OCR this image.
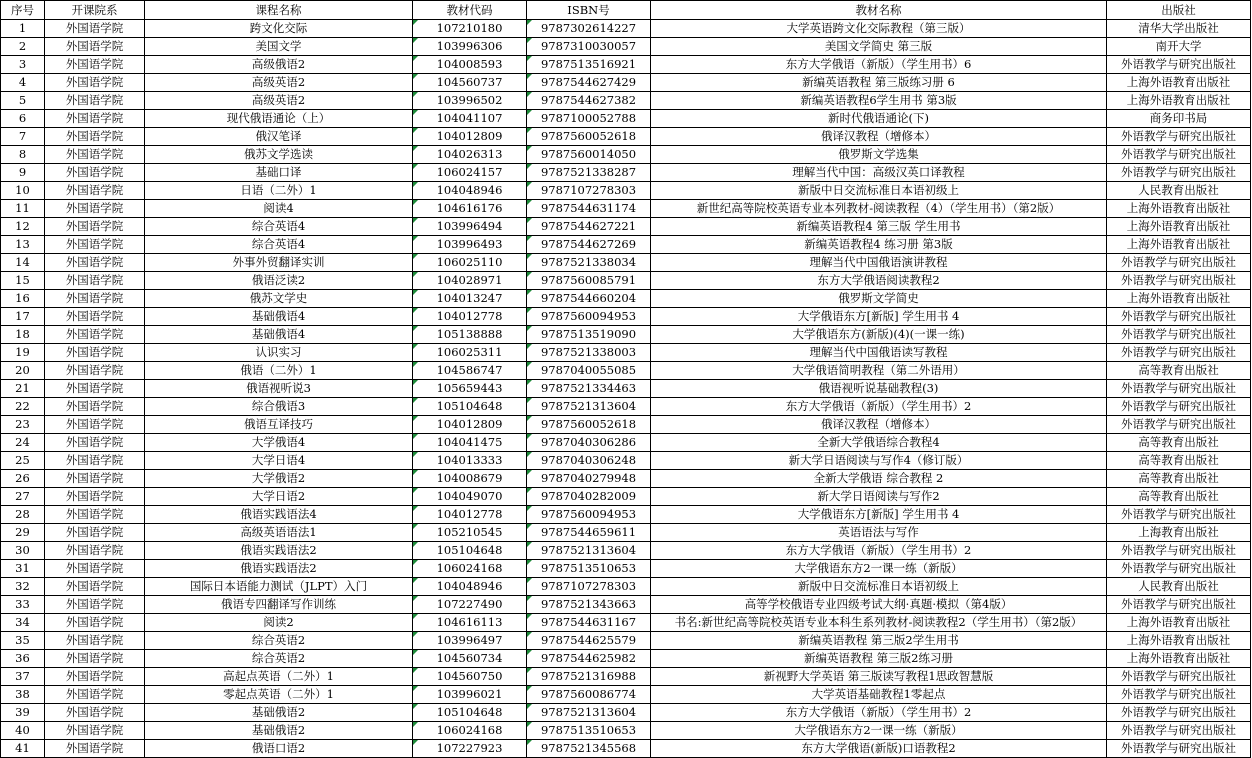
序号	开课院系	课程名称	教材代码	ISBN号	教材名称	出版社
1	外国语学院	跨文化交际	107210180	9787302614227	大学英语跨文化交际教程（第三版）	清华大学出版社
2	外国语学院	美国文学	103996306	9787310030057	美国文学简史 第三版	南开大学
3	外国语学院	高级俄语2	104008593	9787513516921	东方大学俄语（新版）（学生用书）6	外语教学与研究出版社
4	外国语学院	高级英语2	104560737	9787544627429	新编英语教程 第三版练习册 6	上海外语教育出版社
5	外国语学院	高级英语2	103996502	9787544627382	新编英语教程6学生用书 第3版	上海外语教育出版社
6	外国语学院	现代俄语通论（上）	104041107	9787100052788	新时代俄语通论(下)	商务印书局
7	外国语学院	俄汉笔译	104012809	9787560052618	俄译汉教程（增修本）	外语教学与研究出版社
8	外国语学院	俄苏文学选读	104026313	9787560014050	俄罗斯文学选集	外语教学与研究出版社
9	外国语学院	基础口译	106024157	9787521338287	理解当代中国：高级汉英口译教程	外语教学与研究出版社
10	外国语学院	日语（二外）1	104048946	9787107278303	新版中日交流标准日本语初级上	人民教育出版社
11	外国语学院	阅读4	104616176	9787544631174	新世纪高等院校英语专业本列教材-阅读教程（4）（学生用书）（第2版）	上海外语教育出版社
12	外国语学院	综合英语4	103996494	9787544627221	新编英语教程4 第三版 学生用书	上海外语教育出版社
13	外国语学院	综合英语4	103996493	9787544627269	新编英语教程4 练习册 第3版	上海外语教育出版社
14	外国语学院	外事外贸翻译实训	106025110	9787521338034	理解当代中国俄语演讲教程	外语教学与研究出版社
15	外国语学院	俄语泛读2	104028971	9787560085791	东方大学俄语阅读教程2	外语教学与研究出版社
16	外国语学院	俄苏文学史	104013247	9787544660204	俄罗斯文学简史	上海外语教育出版社
17	外国语学院	基础俄语4	104012778	9787560094953	大学俄语东方[新版] 学生用书 4	外语教学与研究出版社
18	外国语学院	基础俄语4	105138888	9787513519090	大学俄语东方(新版)(4)(一课一练)	外语教学与研究出版社
19	外国语学院	认识实习	106025311	9787521338003	理解当代中国俄语读写教程	外语教学与研究出版社
20	外国语学院	俄语（二外）1	104586747	9787040055085	大学俄语简明教程（第二外语用）	高等教育出版社
21	外国语学院	俄语视听说3	105659443	9787521334463	俄语视听说基础教程(3)	外语教学与研究出版社
22	外国语学院	综合俄语3	105104648	9787521313604	东方大学俄语（新版）（学生用书）2	外语教学与研究出版社
23	外国语学院	俄语互译技巧	104012809	9787560052618	俄译汉教程（增修本）	外语教学与研究出版社
24	外国语学院	大学俄语4	104041475	9787040306286	全新大学俄语综合教程4	高等教育出版社
25	外国语学院	大学日语4	104013333	9787040306248	新大学日语阅读与写作4（修订版）	高等教育出版社
26	外国语学院	大学俄语2	104008679	9787040279948	全新大学俄语 综合教程 2	高等教育出版社
27	外国语学院	大学日语2	104049070	9787040282009	新大学日语阅读与写作2	高等教育出版社
28	外国语学院	俄语实践语法4	104012778	9787560094953	大学俄语东方[新版] 学生用书 4	外语教学与研究出版社
29	外国语学院	高级英语语法1	105210545	9787544659611	英语语法与写作	上海教育出版社
30	外国语学院	俄语实践语法2	105104648	9787521313604	东方大学俄语（新版）（学生用书）2	外语教学与研究出版社
31	外国语学院	俄语实践语法2	106024168	9787513510653	大学俄语东方2一课一练（新版）	外语教学与研究出版社
32	外国语学院	国际日本语能力测试（JLPT）入门	104048946	9787107278303	新版中日交流标准日本语初级上	人民教育出版社
33	外国语学院	俄语专四翻译写作训练	107227490	9787521343663	高等学校俄语专业四级考试大纲·真题·模拟（第4版）	外语教学与研究出版社
34	外国语学院	阅读2	104616113	9787544631167	书名:新世纪高等院校英语专业本科生系列教材-阅读教程2（学生用书）（第2版）	上海外语教育出版社
35	外国语学院	综合英语2	103996497	9787544625579	新编英语教程 第三版2学生用书	上海外语教育出版社
36	外国语学院	综合英语2	104560734	9787544625982	新编英语教程 第三版2练习册	上海外语教育出版社
37	外国语学院	高起点英语（二外）1	104560750	9787521316988	新视野大学英语 第三版读写教程1思政智慧版	外语教学与研究出版社
38	外国语学院	零起点英语（二外）1	103996021	9787560086774	大学英语基础教程1零起点	外语教学与研究出版社
39	外国语学院	基础俄语2	105104648	9787521313604	东方大学俄语（新版）（学生用书）2	外语教学与研究出版社
40	外国语学院	基础俄语2	106024168	9787513510653	大学俄语东方2一课一练（新版）	外语教学与研究出版社
41	外国语学院	俄语口语2	107227923	9787521345568	东方大学俄语(新版)口语教程2	外语教学与研究出版社
